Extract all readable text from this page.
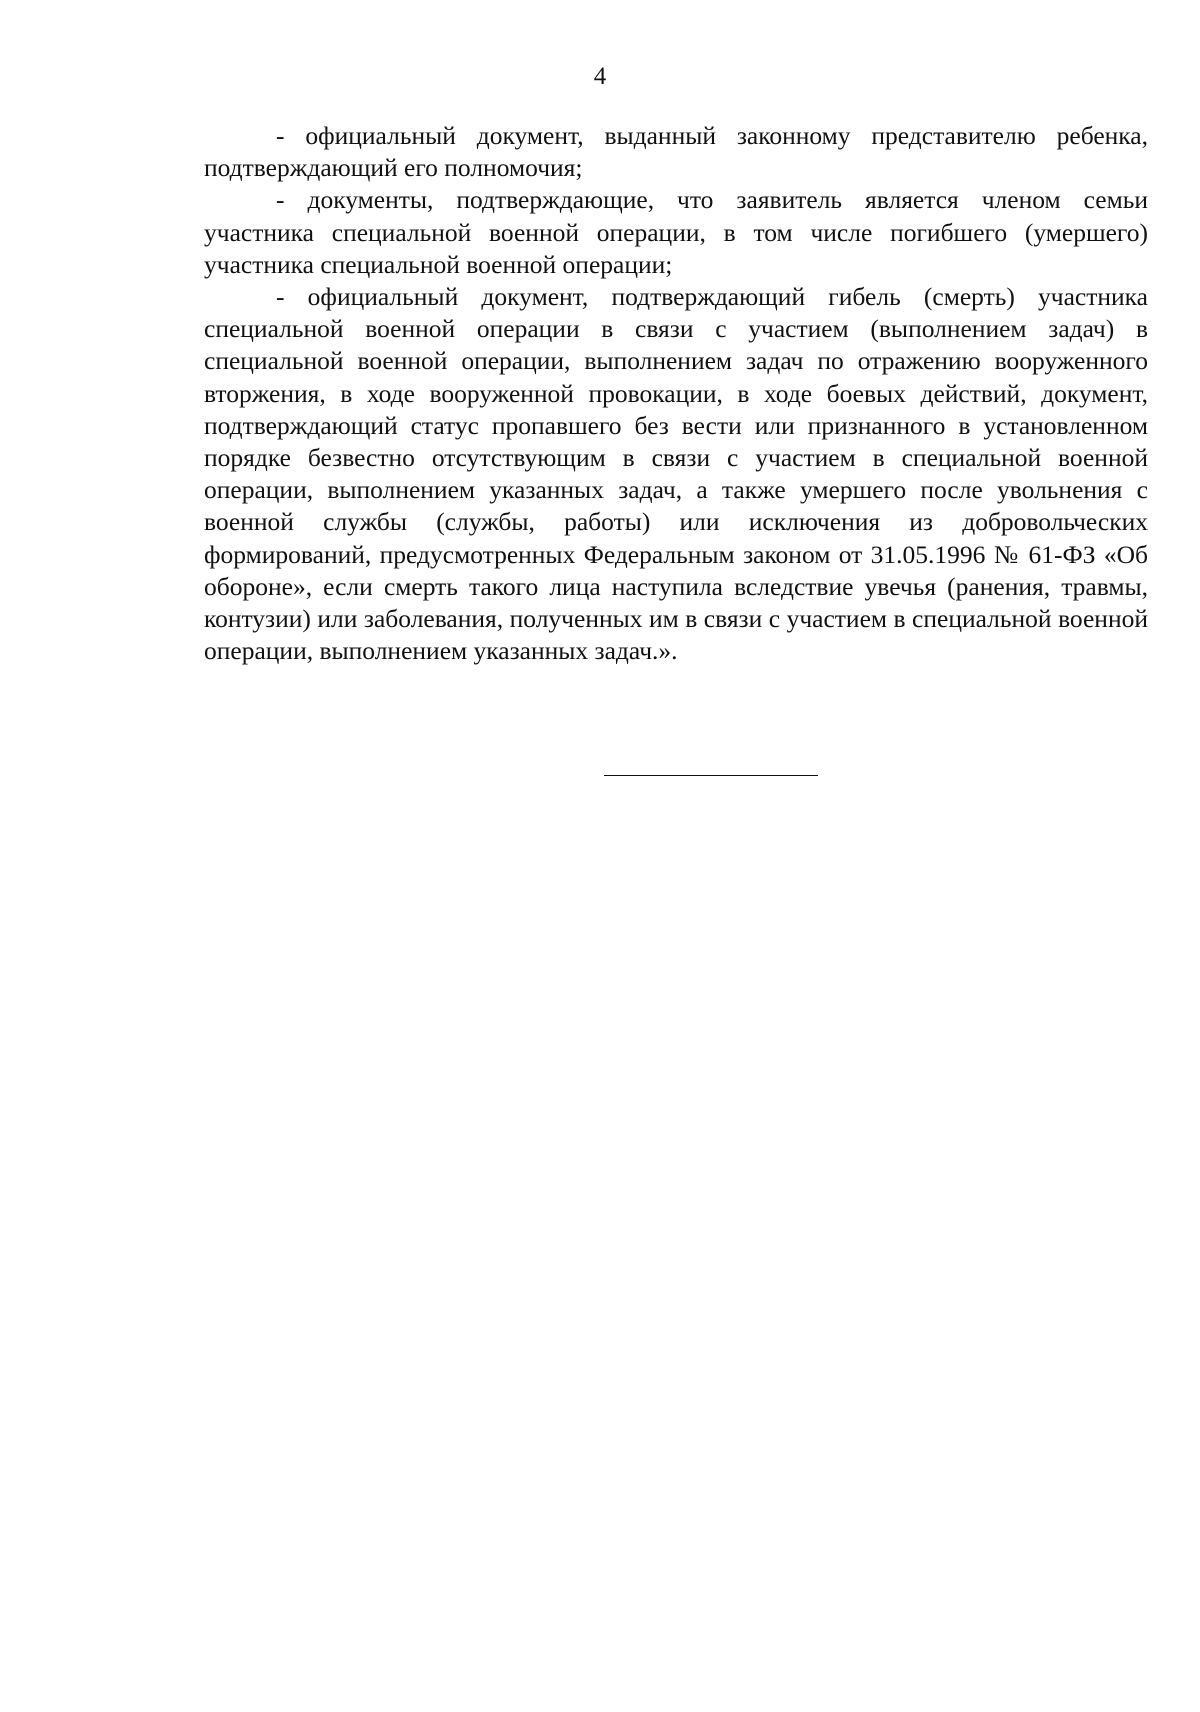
4

- официальный документ, выданный законному представителю ребенка, подтверждающий его полномочия;

- документы, подтверждающие, что заявитель является членом семьи участника специальной военной операции, в том числе погибшего (умершего) участника специальной военной операции;

- официальный документ, подтверждающий гибель (смерть) участника специальной военной операции в связи с участием (выполнением задач) в специальной военной операции, выполнением задач по отражению вооруженного вторжения, в ходе вооруженной провокации, в ходе боевых действий, документ, подтверждающий статус пропавшего без вести или признанного в установленном порядке безвестно отсутствующим в связи с участием в специальной военной операции, выполнением указанных задач, а также умершего после увольнения с военной службы (службы, работы) или исключения из добровольческих формирований, предусмотренных Федеральным законом от 31.05.1996 № 61-ФЗ «Об обороне», если смерть такого лица наступила вследствие увечья (ранения, травмы, контузии) или заболевания, полученных им в связи с участием в специальной военной операции, выполнением указанных задач.».
